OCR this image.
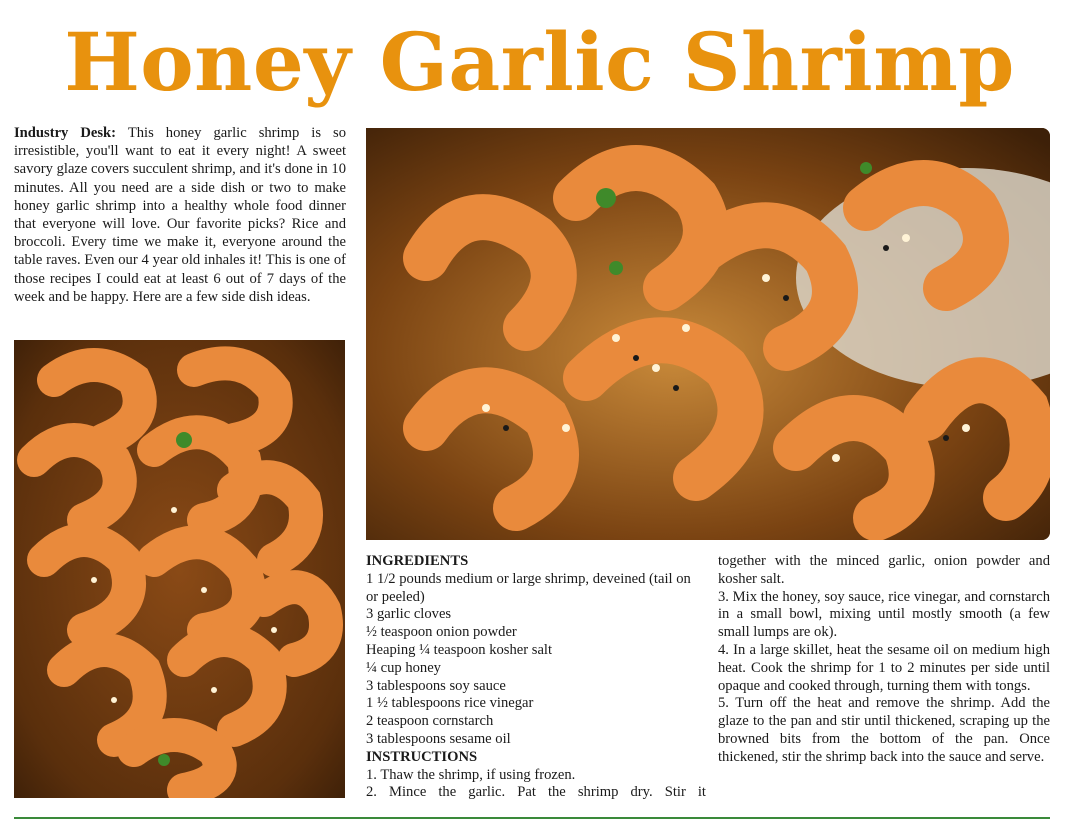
Honey Garlic Shrimp
Industry Desk: This honey garlic shrimp is so irresistible, you'll want to eat it every night! A sweet savory glaze covers succulent shrimp, and it's done in 10 minutes. All you need are a side dish or two to make honey garlic shrimp into a healthy whole food dinner that everyone will love. Our favorite picks? Rice and broccoli. Every time we make it, everyone around the table raves. Even our 4 year old inhales it! This is one of those recipes I could eat at least 6 out of 7 days of the week and be happy. Here are a few side dish ideas.

INGREDIENTS

1 1/2 pounds medium or large shrimp, deveined (tail on or peeled)

3 garlic cloves

½ teaspoon onion powder

Heaping ¼ teaspoon kosher salt

¼ cup honey

3 tablespoons soy sauce

1 ½ tablespoons rice vinegar

2 teaspoon cornstarch

3 tablespoons sesame oil

INSTRUCTIONS

1. Thaw the shrimp, if using frozen.

2. Mince the garlic. Pat the shrimp dry. Stir it

together with the minced garlic, onion powder and kosher salt.

3. Mix the honey, soy sauce, rice vinegar, and cornstarch in a small bowl, mixing until mostly smooth (a few small lumps are ok).

4. In a large skillet, heat the sesame oil on medium high heat. Cook the shrimp for 1 to 2 minutes per side until opaque and cooked through, turning them with tongs.

5. Turn off the heat and remove the shrimp. Add the glaze to the pan and stir until thickened, scraping up the browned bits from the bottom of the pan. Once thickened, stir the shrimp back into the sauce and serve.
